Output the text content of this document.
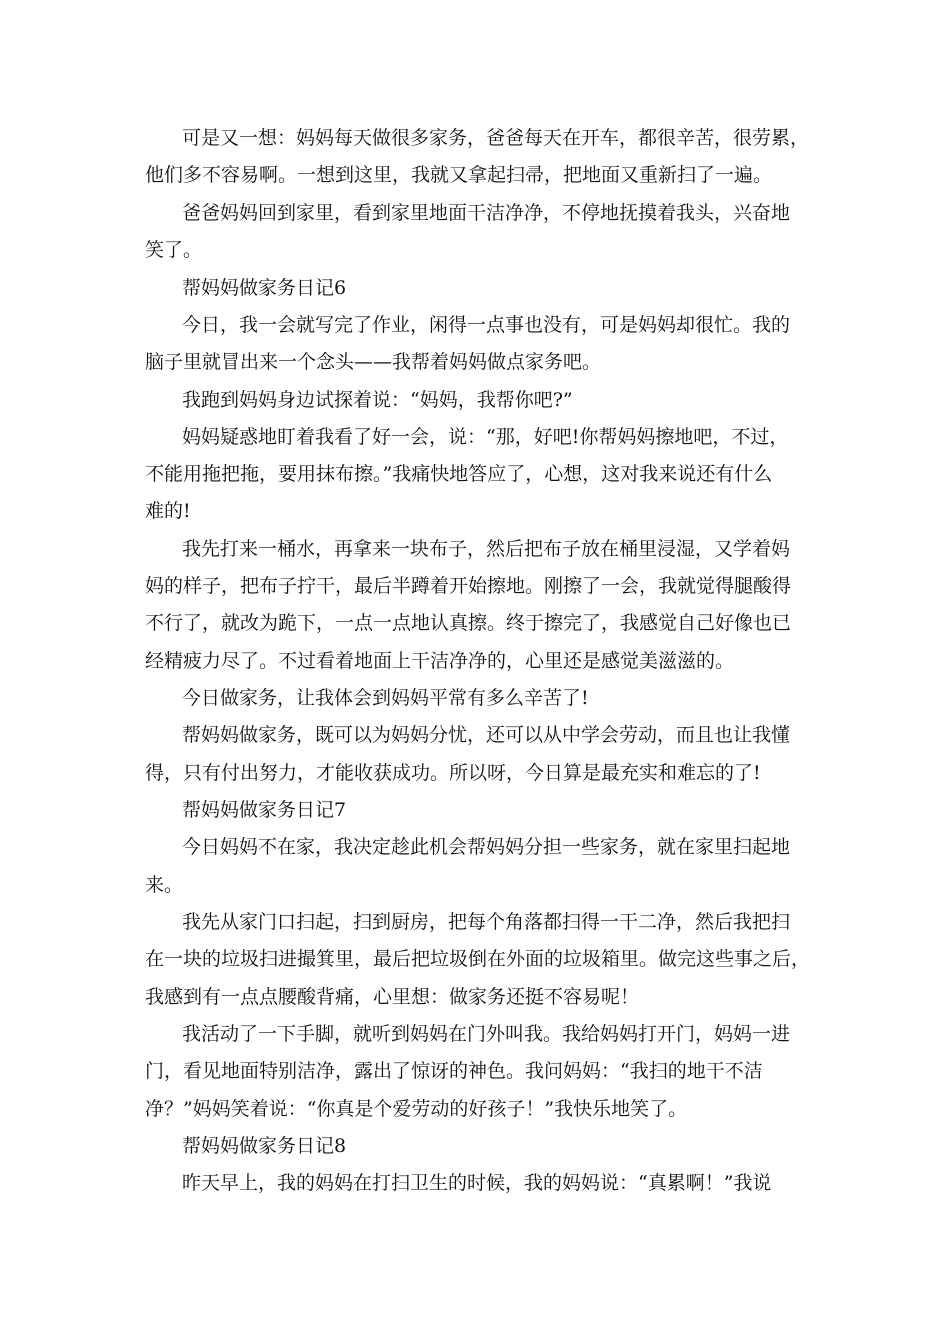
可是又一想：妈妈每天做很多家务，爸爸每天在开车，都很辛苦，很劳累，
他们多不容易啊。一想到这里，我就又拿起扫帚，把地面又重新扫了一遍。
爸爸妈妈回到家里，看到家里地面干洁净净，不停地抚摸着我头，兴奋地
笑了。
帮妈妈做家务日记6
今日，我一会就写完了作业，闲得一点事也没有，可是妈妈却很忙。我的
脑子里就冒出来一个念头——我帮着妈妈做点家务吧。
我跑到妈妈身边试探着说：“妈妈，我帮你吧?”
妈妈疑惑地盯着我看了好一会，说：“那，好吧!你帮妈妈擦地吧，不过，
不能用拖把拖，要用抹布擦。”我痛快地答应了，心想，这对我来说还有什么
难的!
我先打来一桶水，再拿来一块布子，然后把布子放在桶里浸湿，又学着妈
妈的样子，把布子拧干，最后半蹲着开始擦地。刚擦了一会，我就觉得腿酸得
不行了，就改为跪下，一点一点地认真擦。终于擦完了，我感觉自己好像也已
经精疲力尽了。不过看着地面上干洁净净的，心里还是感觉美滋滋的。
今日做家务，让我体会到妈妈平常有多么辛苦了!
帮妈妈做家务，既可以为妈妈分忧，还可以从中学会劳动，而且也让我懂
得，只有付出努力，才能收获成功。所以呀，今日算是最充实和难忘的了!
帮妈妈做家务日记7
今日妈妈不在家，我决定趁此机会帮妈妈分担一些家务，就在家里扫起地
来。
我先从家门口扫起，扫到厨房，把每个角落都扫得一干二净，然后我把扫
在一块的垃圾扫进撮箕里，最后把垃圾倒在外面的垃圾箱里。做完这些事之后，
我感到有一点点腰酸背痛，心里想：做家务还挺不容易呢！
我活动了一下手脚，就听到妈妈在门外叫我。我给妈妈打开门，妈妈一进
门，看见地面特别洁净，露出了惊讶的神色。我问妈妈：“我扫的地干不洁
净？”妈妈笑着说：“你真是个爱劳动的好孩子！”我快乐地笑了。
帮妈妈做家务日记8
昨天早上，我的妈妈在打扫卫生的时候，我的妈妈说：“真累啊！”我说
